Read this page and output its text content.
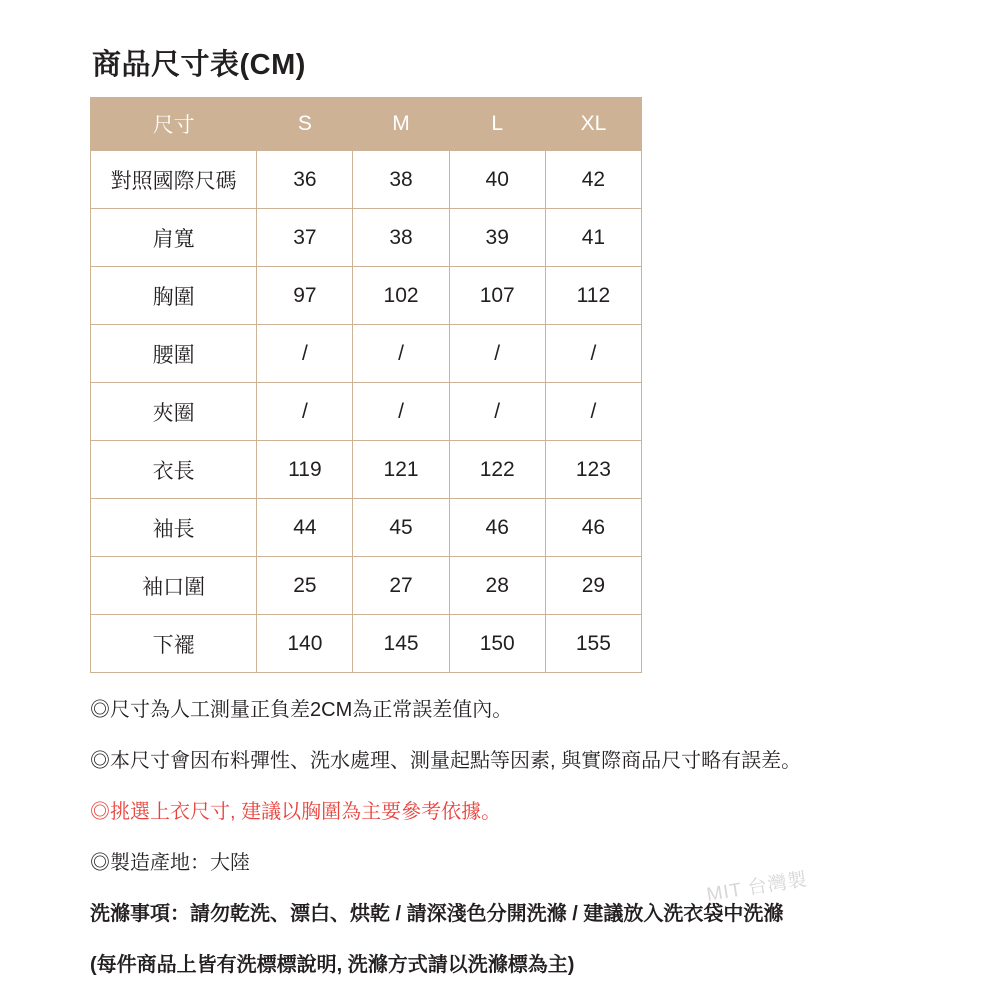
商品尺寸表(CM)
尺寸	S	M	L	XL
對照國際尺碼	36	38	40	42
肩寬	37	38	39	41
胸圍	97	102	107	112
腰圍	/	/	/	/
夾圈	/	/	/	/
衣長	119	121	122	123
袖長	44	45	46	46
袖口圍	25	27	28	29
下襬	140	145	150	155

◎尺寸為人工測量正負差2CM為正常誤差值內。

◎本尺寸會因布料彈性、洗水處理、測量起點等因素, 與實際商品尺寸略有誤差。

◎挑選上衣尺寸, 建議以胸圍為主要參考依據。

◎製造產地：大陸

洗滌事項：請勿乾洗、漂白、烘乾 / 請深淺色分開洗滌 / 建議放入洗衣袋中洗滌

(每件商品上皆有洗標標說明, 洗滌方式請以洗滌標為主)

MIT 台灣製
